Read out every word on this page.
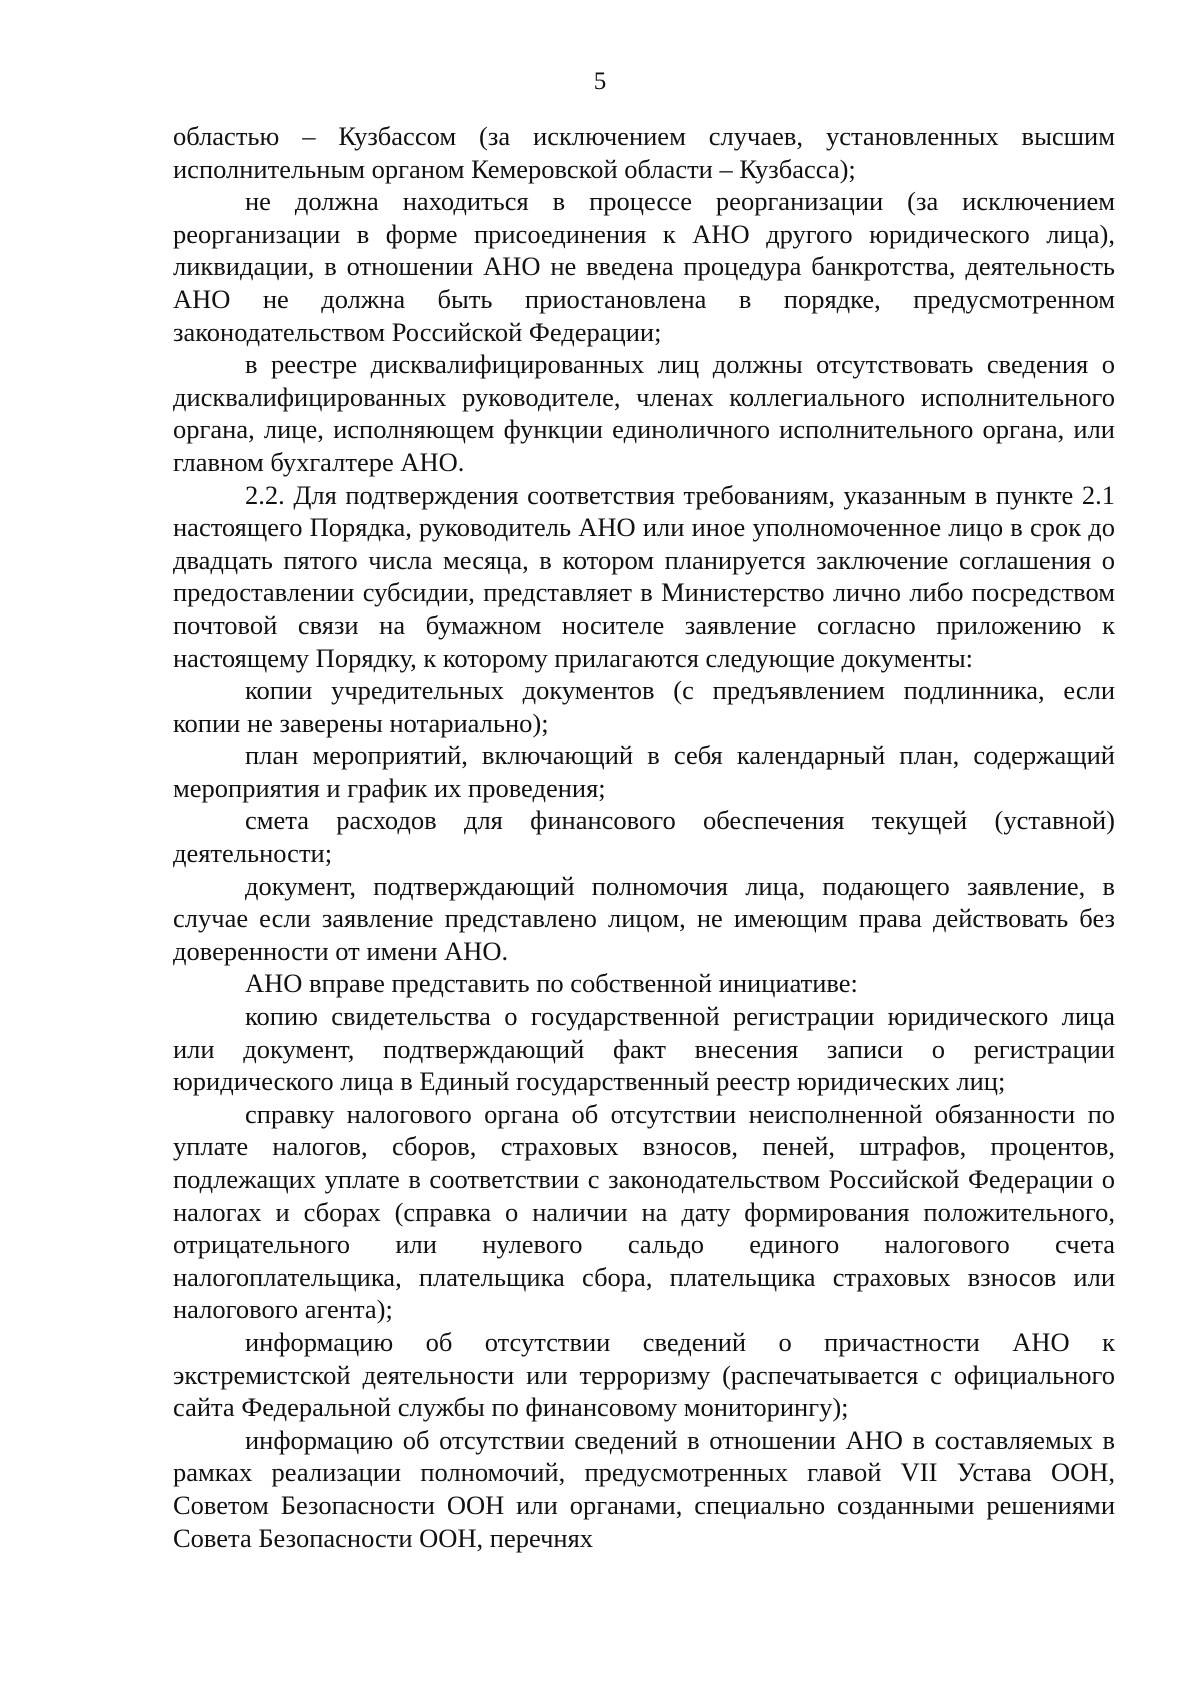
5

областью – Кузбассом (за исключением случаев, установленных высшим исполнительным органом Кемеровской области – Кузбасса);

не должна находиться в процессе реорганизации (за исключением реорганизации в форме присоединения к АНО другого юридического лица), ликвидации, в отношении АНО не введена процедура банкротства, деятельность АНО не должна быть приостановлена в порядке, предусмотренном законодательством Российской Федерации;

в реестре дисквалифицированных лиц должны отсутствовать сведения о дисквалифицированных руководителе, членах коллегиального исполнительного органа, лице, исполняющем функции единоличного исполнительного органа, или главном бухгалтере АНО.

2.2. Для подтверждения соответствия требованиям, указанным в пункте 2.1 настоящего Порядка, руководитель АНО или иное уполномоченное лицо в срок до двадцать пятого числа месяца, в котором планируется заключение соглашения о предоставлении субсидии, представляет в Министерство лично либо посредством почтовой связи на бумажном носителе заявление согласно приложению к настоящему Порядку, к которому прилагаются следующие документы:

копии учредительных документов (с предъявлением подлинника, если копии не заверены нотариально);

план мероприятий, включающий в себя календарный план, содержащий мероприятия и график их проведения;

смета расходов для финансового обеспечения текущей (уставной) деятельности;

документ, подтверждающий полномочия лица, подающего заявление, в случае если заявление представлено лицом, не имеющим права действовать без доверенности от имени АНО.

АНО вправе представить по собственной инициативе:

копию свидетельства о государственной регистрации юридического лица или документ, подтверждающий факт внесения записи о регистрации юридического лица в Единый государственный реестр юридических лиц;

справку налогового органа об отсутствии неисполненной обязанности по уплате налогов, сборов, страховых взносов, пеней, штрафов, процентов, подлежащих уплате в соответствии с законодательством Российской Федерации о налогах и сборах (справка о наличии на дату формирования положительного, отрицательного или нулевого сальдо единого налогового счета налогоплательщика, плательщика сбора, плательщика страховых взносов или налогового агента);

информацию об отсутствии сведений о причастности АНО к экстремистской деятельности или терроризму (распечатывается с официального сайта Федеральной службы по финансовому мониторингу);

информацию об отсутствии сведений в отношении АНО в составляемых в рамках реализации полномочий, предусмотренных главой VII Устава ООН, Советом Безопасности ООН или органами, специально созданными решениями Совета Безопасности ООН, перечнях
